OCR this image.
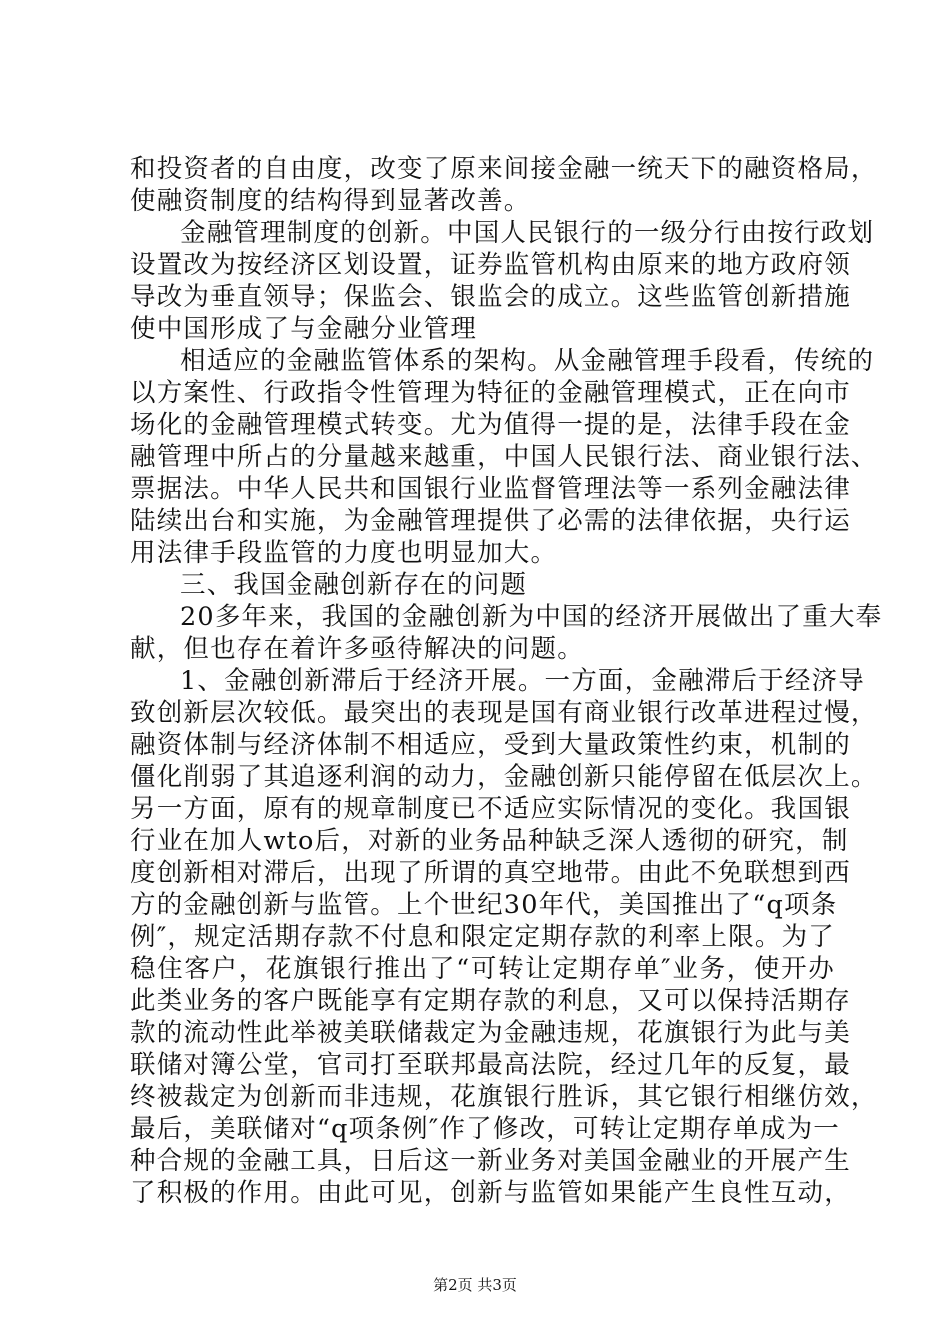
和投资者的自由度，改变了原来间接金融一统天下的融资格局，
使融资制度的结构得到显著改善。
金融管理制度的创新。中国人民银行的一级分行由按行政划
设置改为按经济区划设置，证券监管机构由原来的地方政府领
导改为垂直领导；保监会、银监会的成立。这些监管创新措施
使中国形成了与金融分业管理
相适应的金融监管体系的架构。从金融管理手段看，传统的
以方案性、行政指令性管理为特征的金融管理模式，正在向市
场化的金融管理模式转变。尤为值得一提的是，法律手段在金
融管理中所占的分量越来越重，中国人民银行法、商业银行法、
票据法。中华人民共和国银行业监督管理法等一系列金融法律
陆续出台和实施，为金融管理提供了必需的法律依据，央行运
用法律手段监管的力度也明显加大。
三、我国金融创新存在的问题
20多年来，我国的金融创新为中国的经济开展做出了重大奉
献，但也存在着许多亟待解决的问题。
1、金融创新滞后于经济开展。一方面，金融滞后于经济导
致创新层次较低。最突出的表现是国有商业银行改革进程过慢，
融资体制与经济体制不相适应，受到大量政策性约束，机制的
僵化削弱了其追逐利润的动力，金融创新只能停留在低层次上。
另一方面，原有的规章制度已不适应实际情况的变化。我国银
行业在加人wto后，对新的业务品种缺乏深人透彻的研究，制
度创新相对滞后，出现了所谓的真空地带。由此不免联想到西
方的金融创新与监管。上个世纪30年代，美国推出了“q项条
例″，规定活期存款不付息和限定定期存款的利率上限。为了
稳住客户，花旗银行推出了“可转让定期存单″业务，使开办
此类业务的客户既能享有定期存款的利息，又可以保持活期存
款的流动性此举被美联储裁定为金融违规，花旗银行为此与美
联储对簿公堂，官司打至联邦最高法院，经过几年的反复，最
终被裁定为创新而非违规，花旗银行胜诉，其它银行相继仿效，
最后，美联储对“q项条例″作了修改，可转让定期存单成为一
种合规的金融工具，日后这一新业务对美国金融业的开展产生
了积极的作用。由此可见，创新与监管如果能产生良性互动，
第2页 共3页
